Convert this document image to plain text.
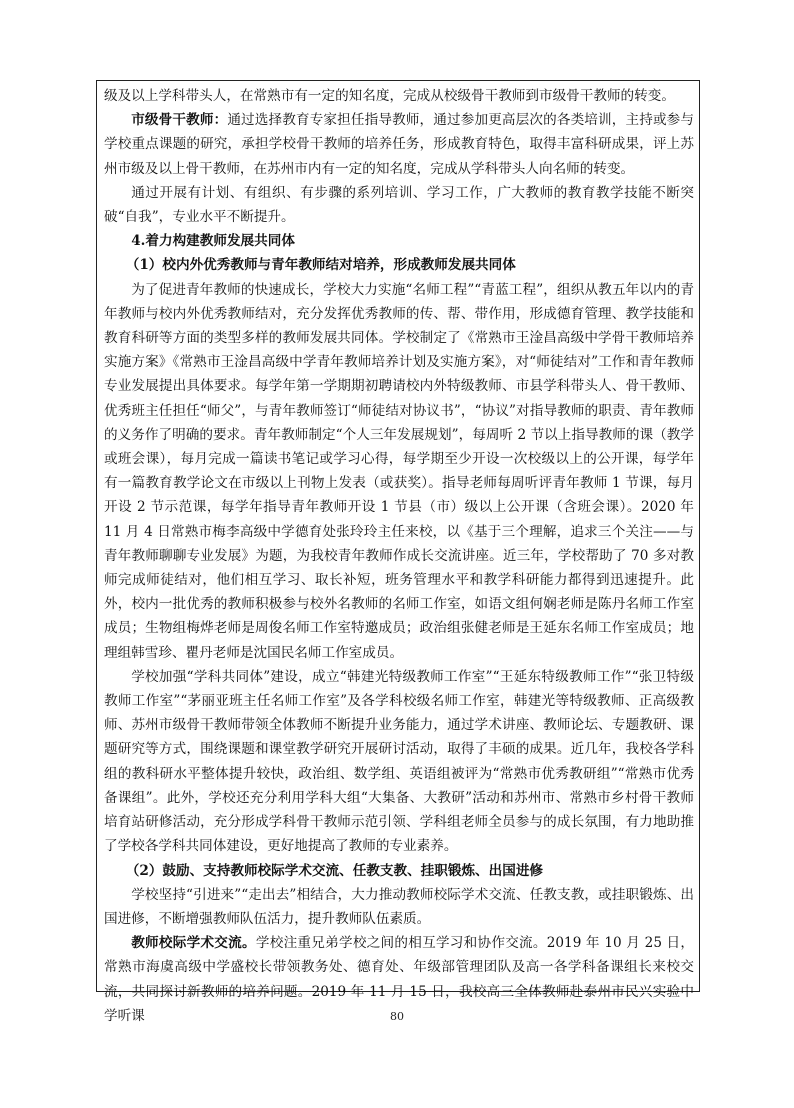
级及以上学科带头人，在常熟市有一定的知名度，完成从校级骨干教师到市级骨干教师的转变。

市级骨干教师：通过选择教育专家担任指导教师，通过参加更高层次的各类培训，主持或参与学校重点课题的研究，承担学校骨干教师的培养任务，形成教育特色，取得丰富科研成果，评上苏州市级及以上骨干教师，在苏州市内有一定的知名度，完成从学科带头人向名师的转变。

通过开展有计划、有组织、有步骤的系列培训、学习工作，广大教师的教育教学技能不断突破“自我”，专业水平不断提升。

4.着力构建教师发展共同体

（1）校内外优秀教师与青年教师结对培养，形成教师发展共同体

为了促进青年教师的快速成长，学校大力实施“名师工程”“青蓝工程”，组织从教五年以内的青年教师与校内外优秀教师结对，充分发挥优秀教师的传、帮、带作用，形成德育管理、教学技能和教育科研等方面的类型多样的教师发展共同体。学校制定了《常熟市王淦昌高级中学骨干教师培养实施方案》《常熟市王淦昌高级中学青年教师培养计划及实施方案》，对“师徒结对”工作和青年教师专业发展提出具体要求。每学年第一学期期初聘请校内外特级教师、市县学科带头人、骨干教师、优秀班主任担任“师父”，与青年教师签订“师徒结对协议书”，“协议”对指导教师的职责、青年教师的义务作了明确的要求。青年教师制定“个人三年发展规划”，每周听 2 节以上指导教师的课（教学或班会课），每月完成一篇读书笔记或学习心得，每学期至少开设一次校级以上的公开课，每学年有一篇教育教学论文在市级以上刊物上发表（或获奖）。指导老师每周听评青年教师 1 节课，每月开设 2 节示范课，每学年指导青年教师开设 1 节县（市）级以上公开课（含班会课）。2020 年 11 月 4 日常熟市梅李高级中学德育处张玲玲主任来校，以《基于三个理解，追求三个关注——与青年教师聊聊专业发展》为题，为我校青年教师作成长交流讲座。近三年，学校帮助了 70 多对教师完成师徒结对，他们相互学习、取长补短，班务管理水平和教学科研能力都得到迅速提升。此外，校内一批优秀的教师积极参与校外名教师的名师工作室，如语文组何娴老师是陈丹名师工作室成员；生物组梅烨老师是周俊名师工作室特邀成员；政治组张健老师是王延东名师工作室成员；地理组韩雪珍、瞿丹老师是沈国民名师工作室成员。

学校加强“学科共同体”建设，成立“韩建光特级教师工作室”“王延东特级教师工作”“张卫特级教师工作室”“茅丽亚班主任名师工作室”及各学科校级名师工作室，韩建光等特级教师、正高级教师、苏州市级骨干教师带领全体教师不断提升业务能力，通过学术讲座、教师论坛、专题教研、课题研究等方式，围绕课题和课堂教学研究开展研讨活动，取得了丰硕的成果。近几年，我校各学科组的教科研水平整体提升较快，政治组、数学组、英语组被评为“常熟市优秀教研组”“常熟市优秀备课组”。此外，学校还充分利用学科大组“大集备、大教研”活动和苏州市、常熟市乡村骨干教师培育站研修活动，充分形成学科骨干教师示范引领、学科组老师全员参与的成长氛围，有力地助推了学校各学科共同体建设，更好地提高了教师的专业素养。

（2）鼓励、支持教师校际学术交流、任教支教、挂职锻炼、出国进修

学校坚持“引进来”“走出去”相结合，大力推动教师校际学术交流、任教支教，或挂职锻炼、出国进修，不断增强教师队伍活力，提升教师队伍素质。

教师校际学术交流。学校注重兄弟学校之间的相互学习和协作交流。2019 年 10 月 25 日，常熟市海虞高级中学盛校长带领教务处、德育处、年级部管理团队及高一各学科备课组长来校交流，共同探讨新教师的培养问题。2019 年 11 月 15 日，我校高三全体教师赴泰州市民兴实验中学听课	80
